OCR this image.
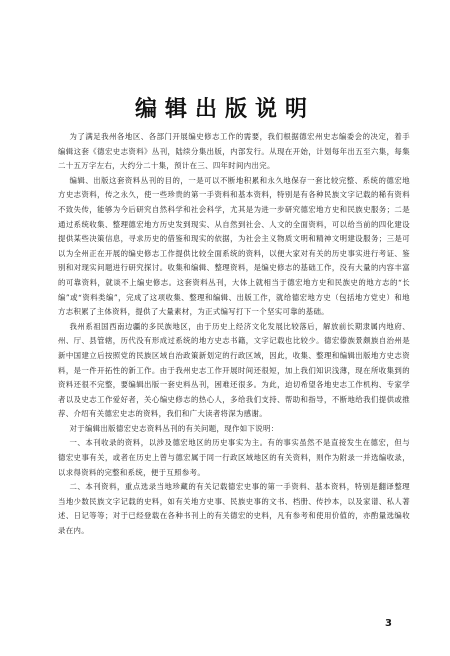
编辑出版说明

为了满足我州各地区、各部门开展编史修志工作的需要，我们根据德宏州史志编委会的决定，着手编辑这套《德宏史志资料》丛刊，陆续分集出版，内部发行。从现在开始，计划每年出五至六集，每集二十五万字左右，大约分二十集，预计在三、四年时间内出完。

编辑、出版这套资料丛刊的目的，一是可以不断地积累和永久地保存一套比较完整、系统的德宏地方史志资料，传之永久，使一些珍贵的第一手资料和基本资料，特别是有各种民族文字记载的稀有资料不致失传，能够为今后研究自然科学和社会科学，尤其是为进一步研究德宏地方史和民族史服务；二是通过系统收集、整理德宏地方历史发到现实、从自然到社会、人文的全面资料，可以给当前的四化建设提供某些决策信息，寻求历史的借鉴和现实的依据，为社会主义物质文明和精神文明建设服务；三是可以为全州正在开展的编史修志工作提供比较全面系统的资料，以便大家对有关的历史事实进行考证、鉴别和对现实问题进行研究探讨。收集和编辑、整理资料，是编史修志的基础工作，没有大量的内容丰富的可靠资料，就谈不上编史修志。这套资料丛刊，大体上就相当于德宏地方史和民族史的地方志的“长编”或“资料类编”，完成了这项收集、整理和编辑、出版工作，就给德宏地方史（包括地方党史）和地方志积累了主体资料，提供了大量素材，为正式编写打下一个坚实可靠的基础。

我州系祖国西南边疆的多民族地区，由于历史上经济文化发展比较落后，解放前长期隶属内地府、州、厅、县管辖，历代没有形成过系统的地方史志书籍，文字记载也比较少。德宏傣族景颇族自治州是新中国建立后按照党的民族区域自治政策新划定的行政区域，因此，收集、整理和编辑出版地方史志资料，是一件开拓性的新工作。由于我州史志工作开展时间还很短，加上我们知识浅薄，现在所收集到的资料还很不完整，要编辑出版一套史料丛刊，困难还很多。为此，迫切希望各地史志工作机构、专家学者以及史志工作爱好者，关心编史修志的热心人，多给我们支持、帮助和指导，不断地给我们提供或推荐、介绍有关德宏史志的资料，我们和广大读者将深为感谢。

对于编辑出版德宏史志资料丛刊的有关问题，现作如下说明：

一、本刊收录的资料，以涉及德宏地区的历史事实为主。有的事实虽然不是直接发生在德宏，但与德宏史事有关，或者在历史上曾与德宏属于同一行政区域地区的有关资料，则作为附录一并选编收录，以求得资料的完整和系统，便于互照参考。

二、本刊资料，重点选录当地珍藏的有关记载德宏史事的第一手资料、基本资料，特别是翻译整理当地少数民族文字记载的史料，如有关地方史事、民族史事的文书、档册、传抄本，以及家谱、私人著述、日记等等；对于已经登载在各种书刊上的有关德宏的史料，凡有参考和使用价值的，亦酌量选编收录在内。

3
